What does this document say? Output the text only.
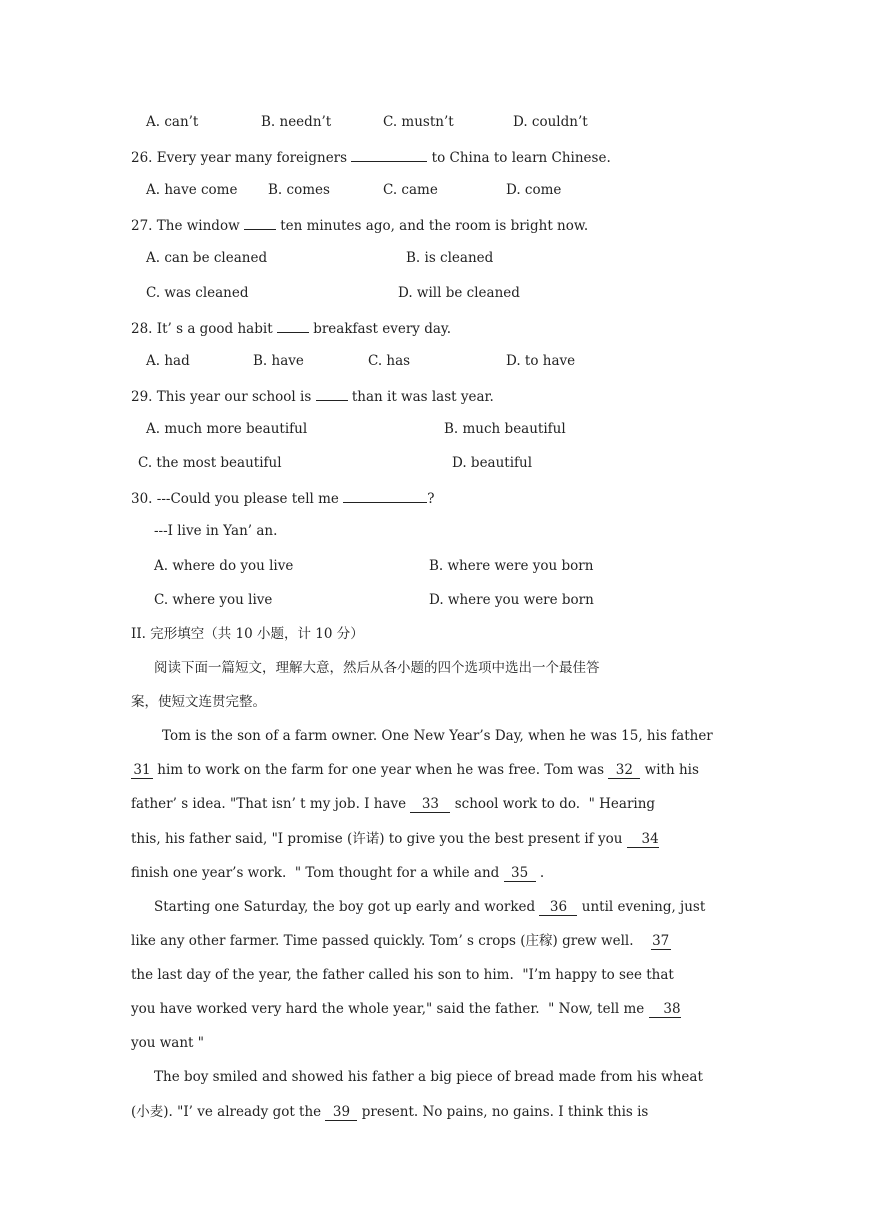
A. can’t	B. needn’t	C. mustn’t	D. couldn’t
26. Every year many foreigners	to China to learn Chinese.
A. have come B. comes	C. came	D. come
27. The window  ten minutes ago, and the room is bright now.
A. can be cleaned	B. is cleaned
C. was cleaned	D. will be cleaned
28. It’ s a good habit  breakfast every day.
A. had	B. have	C. has	D. to have
29. This year our school is  than it was last year.
A. much more beautiful	B. much beautiful
C. the most beautiful	D. beautiful
30. ---Could you please tell me	?
---I live in Yan’ an.
A. where do you live	B. where were you born
C. where you live	D. where you were born
II. 完形填空（共 10 小题，计 10 分）
阅读下面一篇短文，理解大意，然后从各小题的四个选项中选出一个最佳答
案，使短文连贯完整。
Tom is the son of a farm owner. One New Year’s Day, when he was 15, his father
31 him to work on the farm for one year when he was free. Tom was 32 with his
father’ s idea. "That isn’ t my job. I have 33 school work to do.  " Hearing
this, his father said, "I promise (许诺) to give you the best present if you 34
finish one year’s work.  " Tom thought for a while and 35 .
Starting one Saturday, the boy got up early and worked 36 until evening, just
like any other farmer. Time passed quickly. Tom’ s crops (庄稼) grew well. 37
the last day of the year, the father called his son to him.  "I’m happy to see that
you have worked very hard the whole year," said the father.  " Now, tell me 38
you want "
The boy smiled and showed his father a big piece of bread made from his wheat
(小麦). "I’ ve already got the 39 present. No pains, no gains. I think this is
